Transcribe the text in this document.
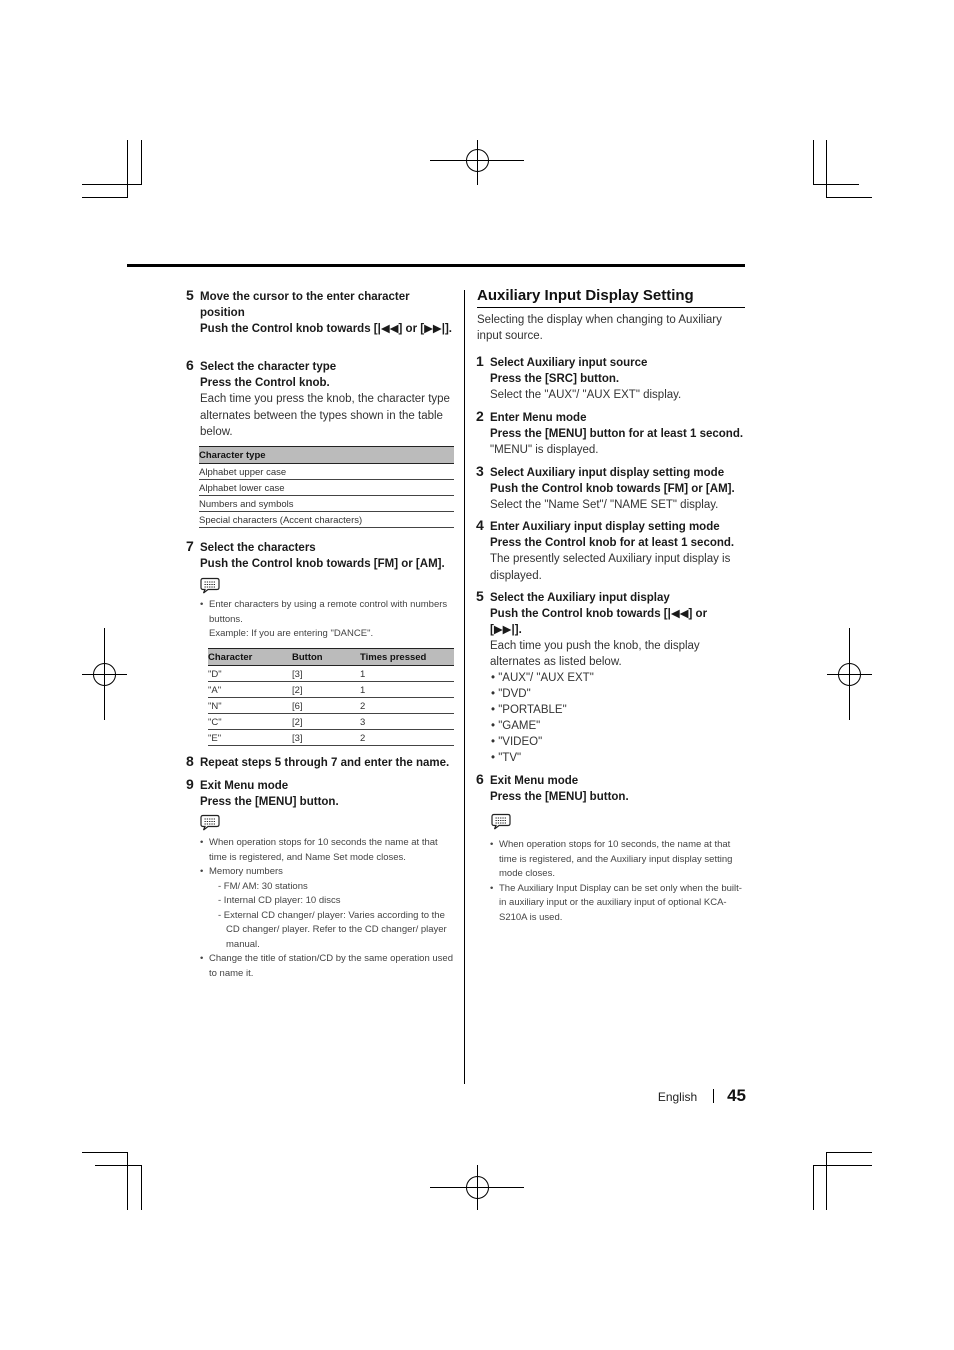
5 Move the cursor to the enter character position
Push the Control knob towards [|◀◀] or [▶▶|].
6 Select the character type
Press the Control knob.
Each time you press the knob, the character type alternates between the types shown in the table below.
Character type
Alphabet upper case
Alphabet lower case
Numbers and symbols
Special characters (Accent characters)
7 Select the characters
Push the Control knob towards [FM] or [AM].
• Enter characters by using a remote control with numbers buttons.
Example: If you are entering "DANCE".
Character	Button	Times pressed
"D"	[3]	1
"A"	[2]	1
"N"	[6]	2
"C"	[2]	3
"E"	[3]	2
8 Repeat steps 5 through 7 and enter the name.
9 Exit Menu mode
Press the [MENU] button.
• When operation stops for 10 seconds the name at that time is registered, and Name Set mode closes.
• Memory numbers
- FM/ AM: 30 stations
- Internal CD player: 10 discs
- External CD changer/ player: Varies according to the CD changer/ player. Refer to the CD changer/ player manual.
• Change the title of station/CD by the same operation used to name it.
Auxiliary Input Display Setting
Selecting the display when changing to Auxiliary input source.
1 Select Auxiliary input source
Press the [SRC] button.
Select the "AUX"/ "AUX EXT" display.
2 Enter Menu mode
Press the [MENU] button for at least 1 second.
"MENU" is displayed.
3 Select Auxiliary input display setting mode
Push the Control knob towards [FM] or [AM].
Select the "Name Set"/ "NAME SET" display.
4 Enter Auxiliary input display setting mode
Press the Control knob for at least 1 second.
The presently selected Auxiliary input display is displayed.
5 Select the Auxiliary input display
Push the Control knob towards [|◀◀] or [▶▶|].
Each time you push the knob, the display alternates as listed below.
• "AUX"/ "AUX EXT"
• "DVD"
• "PORTABLE"
• "GAME"
• "VIDEO"
• "TV"
6 Exit Menu mode
Press the [MENU] button.
• When operation stops for 10 seconds, the name at that time is registered, and the Auxiliary input display setting mode closes.
• The Auxiliary Input Display can be set only when the built-in auxiliary input or the auxiliary input of optional KCA-S210A is used.
English 45
